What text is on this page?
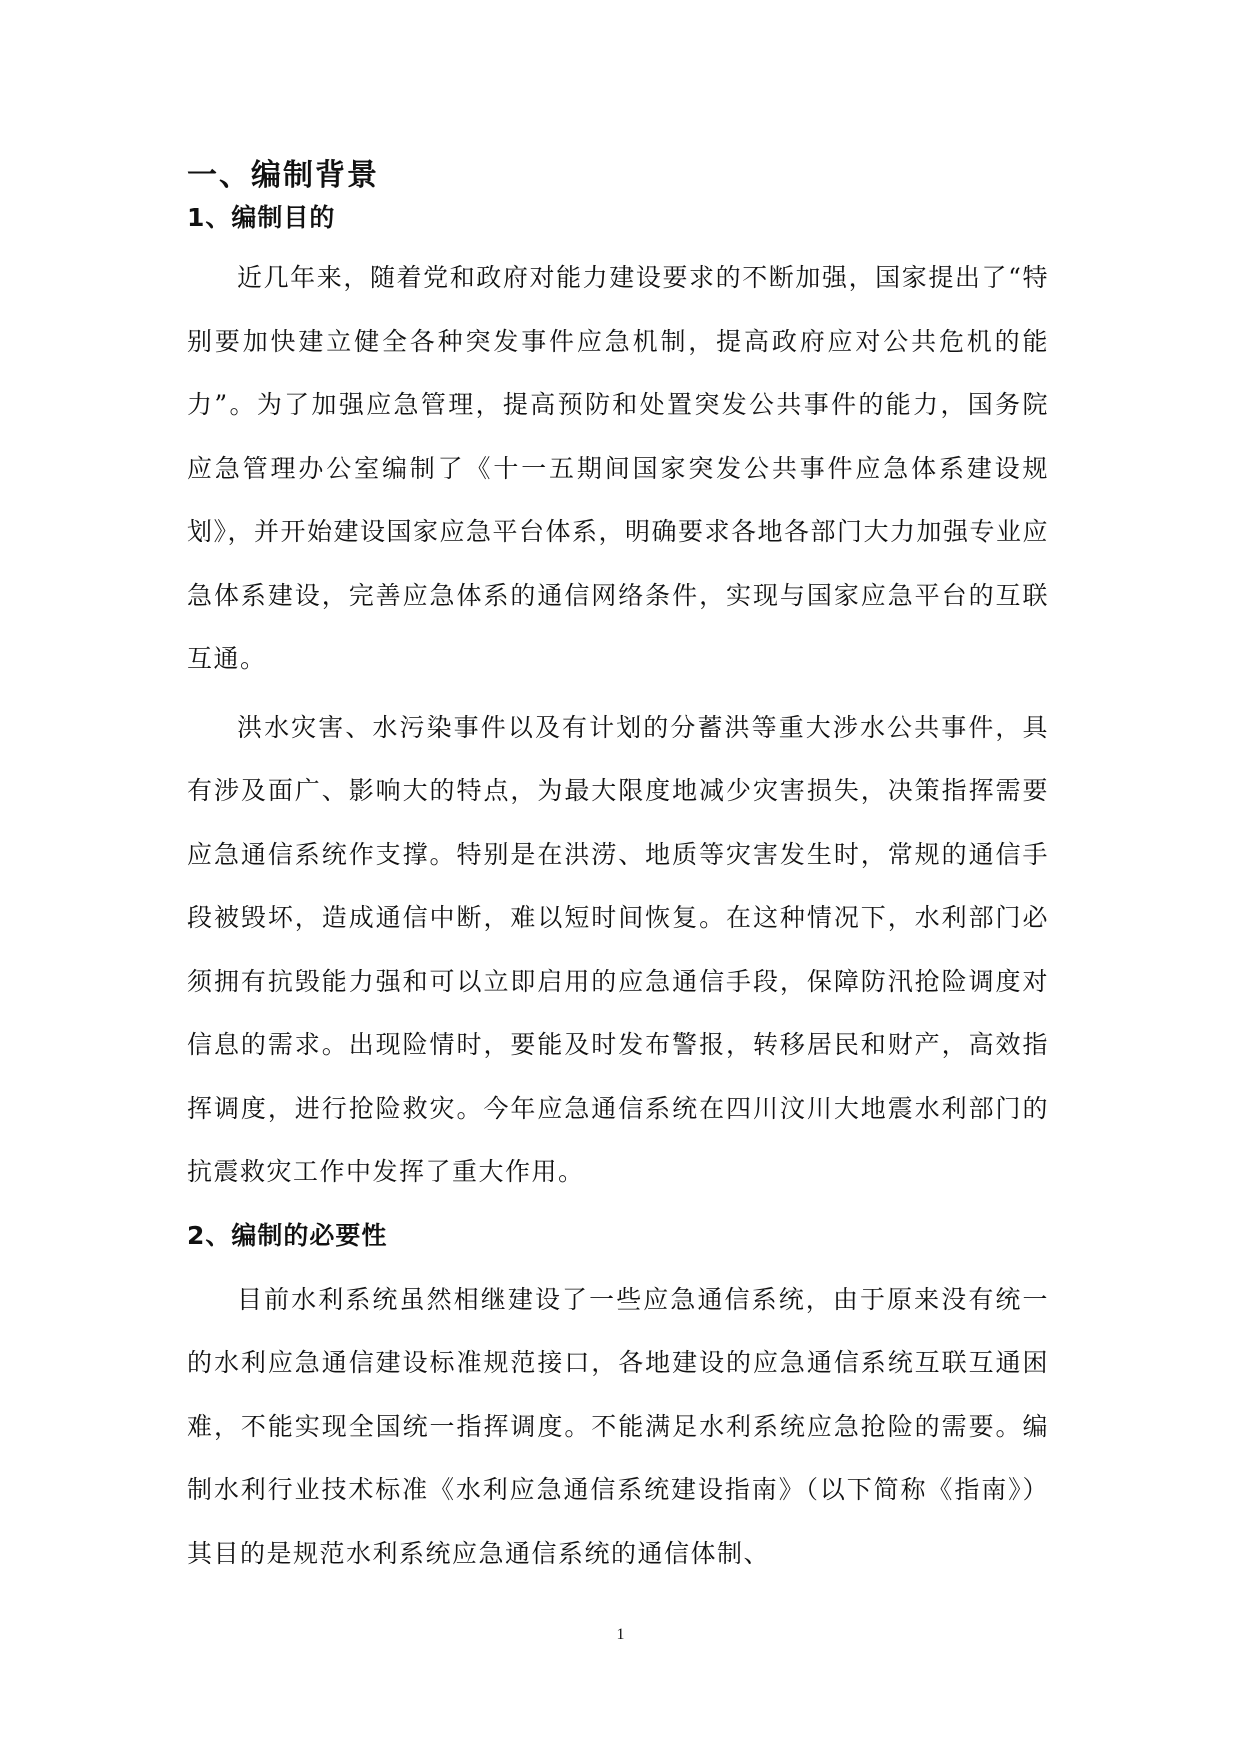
一、编制背景
1、编制目的

近几年来，随着党和政府对能力建设要求的不断加强，国家提出了“特别要加快建立健全各种突发事件应急机制，提高政府应对公共危机的能力”。为了加强应急管理，提高预防和处置突发公共事件的能力，国务院应急管理办公室编制了《十一五期间国家突发公共事件应急体系建设规划》，并开始建设国家应急平台体系，明确要求各地各部门大力加强专业应急体系建设，完善应急体系的通信网络条件，实现与国家应急平台的互联互通。

洪水灾害、水污染事件以及有计划的分蓄洪等重大涉水公共事件，具有涉及面广、影响大的特点，为最大限度地减少灾害损失，决策指挥需要应急通信系统作支撑。特别是在洪涝、地质等灾害发生时，常规的通信手段被毁坏，造成通信中断，难以短时间恢复。在这种情况下，水利部门必须拥有抗毁能力强和可以立即启用的应急通信手段，保障防汛抢险调度对信息的需求。出现险情时，要能及时发布警报，转移居民和财产，高效指挥调度，进行抢险救灾。今年应急通信系统在四川汶川大地震水利部门的抗震救灾工作中发挥了重大作用。

2、编制的必要性

目前水利系统虽然相继建设了一些应急通信系统，由于原来没有统一的水利应急通信建设标准规范接口，各地建设的应急通信系统互联互通困难，不能实现全国统一指挥调度。不能满足水利系统应急抢险的需要。编制水利行业技术标准《水利应急通信系统建设指南》（以下简称《指南》）其目的是规范水利系统应急通信系统的通信体制、

1
